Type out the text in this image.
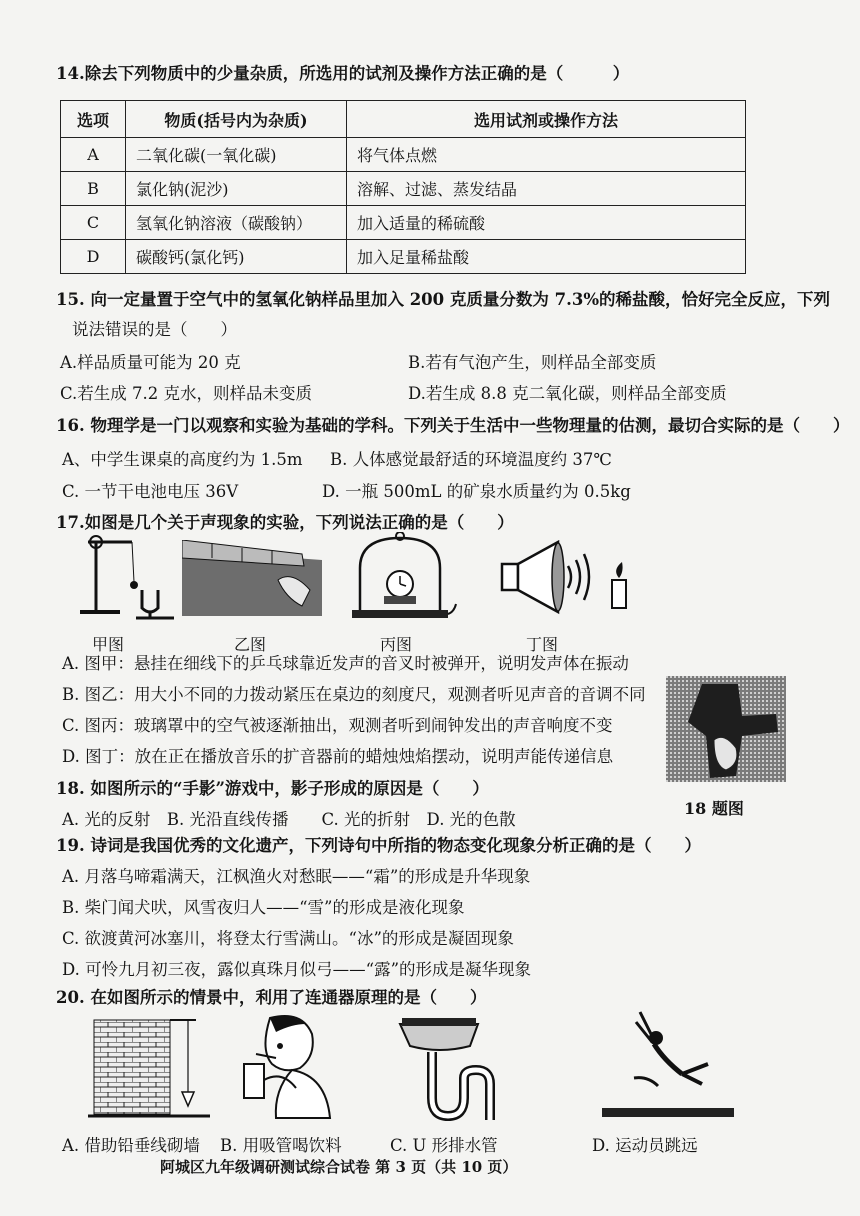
14.除去下列物质中的少量杂质，所选用的试剂及操作方法正确的是（　　　）
选项	物质(括号内为杂质)	选用试剂或操作方法
A	二氧化碳(一氧化碳)	将气体点燃
B	氯化钠(泥沙)	溶解、过滤、蒸发结晶
C	氢氧化钠溶液（碳酸钠）	加入适量的稀硫酸
D	碳酸钙(氯化钙)	加入足量稀盐酸
15. 向一定量置于空气中的氢氧化钠样品里加入 200 克质量分数为 7.3%的稀盐酸，恰好完全反应，下列
说法错误的是（　　）
A.样品质量可能为 20 克	B.若有气泡产生，则样品全部变质
C.若生成 7.2 克水，则样品未变质	D.若生成 8.8 克二氧化碳，则样品全部变质
16. 物理学是一门以观察和实验为基础的学科。下列关于生活中一些物理量的估测，最切合实际的是（　　）
A、中学生课桌的高度约为 1.5m B. 人体感觉最舒适的环境温度约 37℃
C. 一节干电池电压 36V	D. 一瓶 500mL 的矿泉水质量约为 0.5kg
17.如图是几个关于声现象的实验，下列说法正确的是（　　）
甲图	乙图	丙图	丁图
A. 图甲：悬挂在细线下的乒乓球靠近发声的音叉时被弹开，说明发声体在振动
B. 图乙：用大小不同的力拨动紧压在桌边的刻度尺，观测者听见声音的音调不同
C. 图丙：玻璃罩中的空气被逐渐抽出，观测者听到闹钟发出的声音响度不变
D. 图丁：放在正在播放音乐的扩音器前的蜡烛烛焰摆动，说明声能传递信息
18 题图
18. 如图所示的“手影”游戏中，影子形成的原因是（　　）
A. 光的反射　B. 光沿直线传播　　C. 光的折射　D. 光的色散
19. 诗词是我国优秀的文化遗产，下列诗句中所指的物态变化现象分析正确的是（　　）
A. 月落乌啼霜满天，江枫渔火对愁眠——“霜”的形成是升华现象
B. 柴门闻犬吠，风雪夜归人——“雪”的形成是液化现象
C. 欲渡黄河冰塞川，将登太行雪满山。“冰”的形成是凝固现象
D. 可怜九月初三夜，露似真珠月似弓——“露”的形成是凝华现象
20. 在如图所示的情景中，利用了连通器原理的是（　　）
A. 借助铅垂线砌墙 B. 用吸管喝饮料	C. U 形排水管	D. 运动员跳远
阿城区九年级调研测试综合试卷 第 3 页（共 10 页）
